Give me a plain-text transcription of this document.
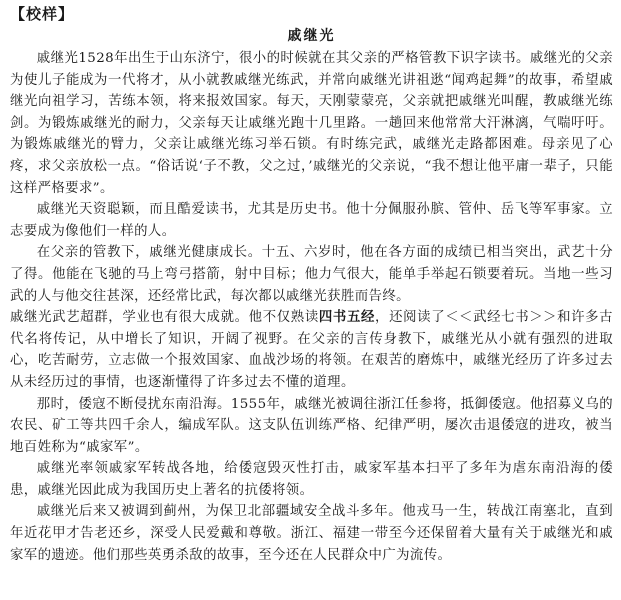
【校样】
戚继光

戚继光1528年出生于山东济宁，很小的时候就在其父亲的严格管教下识字读书。戚继光的父亲为使儿子能成为一代将才，从小就教戚继光练武，并常向戚继光讲祖逖“闻鸡起舞”的故事，希望戚继光向祖学习，苦练本领，将来报效国家。每天，天刚蒙蒙亮，父亲就把戚继光叫醒，教戚继光练剑。为锻炼戚继光的耐力，父亲每天让戚继光跑十几里路。一趟回来他常常大汗淋漓，气喘吁吁。为锻炼戚继光的臂力，父亲让戚继光练习举石锁。有时练完武，戚继光走路都困难。母亲见了心疼，求父亲放松一点。“俗话说‘子不教，父之过，’戚继光的父亲说，“我不想让他平庸一辈子，只能这样严格要求”。

戚继光天资聪颖，而且酷爱读书，尤其是历史书。他十分佩服孙膑、管仲、岳飞等军事家。立志要成为像他们一样的人。

在父亲的管教下，戚继光健康成长。十五、六岁时，他在各方面的成绩已相当突出，武艺十分了得。他能在飞驰的马上弯弓搭箭，射中目标；他力气很大，能单手举起石锁要着玩。当地一些习武的人与他交往甚深，还经常比武，每次都以戚继光获胜而告终。

戚继光武艺超群，学业也有很大成就。他不仅熟读四书五经，还阅读了＜＜武经七书＞＞和许多古代名将传记，从中增长了知识，开阔了视野。在父亲的言传身教下，戚继光从小就有强烈的进取心，吃苦耐劳，立志做一个报效国家、血战沙场的将领。在艰苦的磨炼中，戚继光经历了许多过去从未经历过的事情，也逐渐懂得了许多过去不懂的道理。

那时，倭寇不断侵扰东南沿海。1555年，戚继光被调往浙江任参将，抵御倭寇。他招募义乌的农民、矿工等共四千余人，编成军队。这支队伍训练严格、纪律严明，屡次击退倭寇的进攻，被当地百姓称为“戚家军”。

戚继光率领戚家军转战各地，给倭寇毁灭性打击，戚家军基本扫平了多年为虐东南沿海的倭患，戚继光因此成为我国历史上著名的抗倭将领。

戚继光后来又被调到蓟州，为保卫北部疆域安全战斗多年。他戎马一生，转战江南塞北，直到年近花甲才告老还乡，深受人民爱戴和尊敬。浙江、福建一带至今还保留着大量有关于戚继光和戚家军的遗迹。他们那些英勇杀敌的故事，至今还在人民群众中广为流传。
